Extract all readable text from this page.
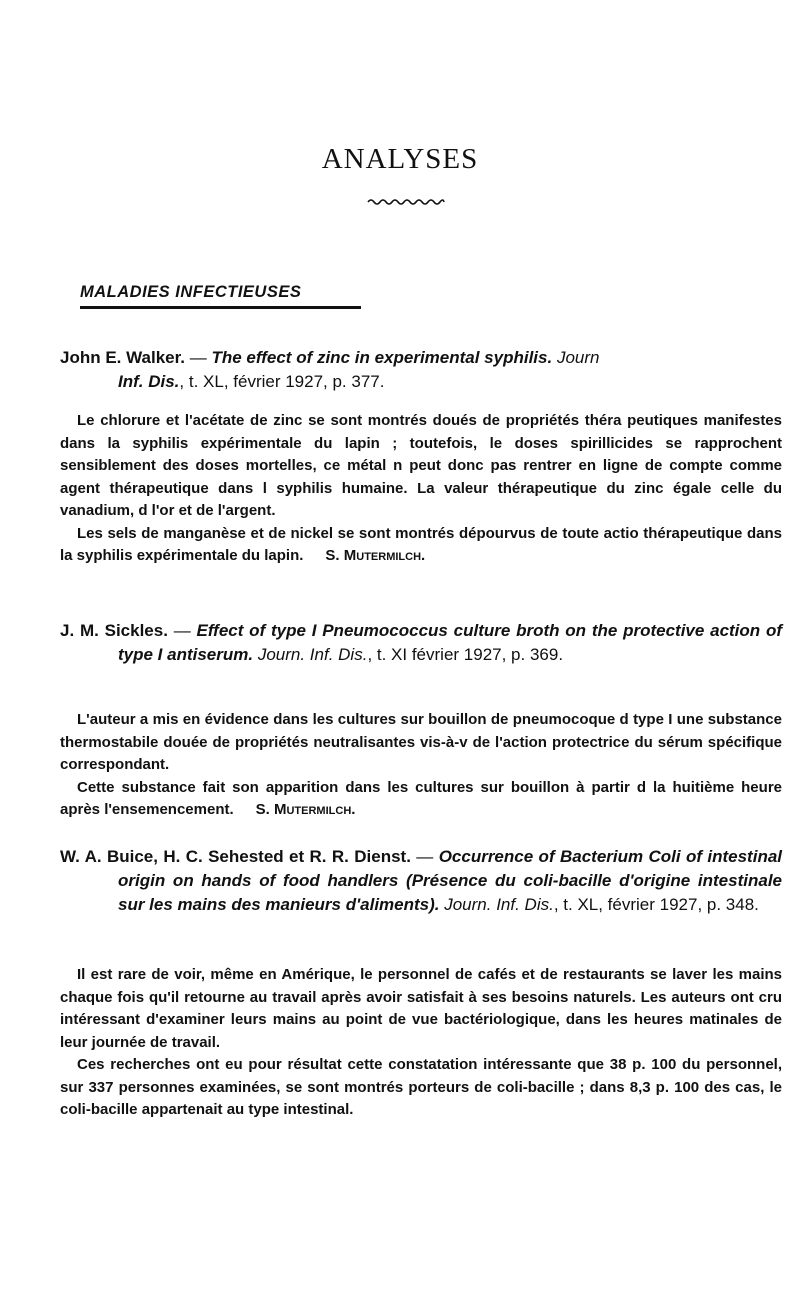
ANALYSES
MALADIES INFECTIEUSES
John E. Walker. — The effect of zinc in experimental syphilis. Journ
Inf. Dis., t. XL, février 1927, p. 377.

Le chlorure et l'acétate de zinc se sont montrés doués de propriétés théra peutiques manifestes dans la syphilis expérimentale du lapin ; toutefois, le doses spirillicides se rapprochent sensiblement des doses mortelles, ce métal n peut donc pas rentrer en ligne de compte comme agent thérapeutique dans l syphilis humaine. La valeur thérapeutique du zinc égale celle du vanadium, d l'or et de l'argent.

Les sels de manganèse et de nickel se sont montrés dépourvus de toute actio thérapeutique dans la syphilis expérimentale du lapin. S. Mutermilch.

J. M. Sickles. — Effect of type I Pneumococcus culture broth on the protective action of type I antiserum. Journ. Inf. Dis., t. XI février 1927, p. 369.

L'auteur a mis en évidence dans les cultures sur bouillon de pneumocoque d type I une substance thermostabile douée de propriétés neutralisantes vis-à-v de l'action protectrice du sérum spécifique correspondant.

Cette substance fait son apparition dans les cultures sur bouillon à partir d la huitième heure après l'ensemencement. S. Mutermilch.

W. A. Buice, H. C. Sehested et R. R. Dienst. — Occurrence of Bacterium Coli of intestinal origin on hands of food handlers (Présence du coli-bacille d'origine intestinale sur les mains des manieurs d'aliments). Journ. Inf. Dis., t. XL, février 1927, p. 348.

Il est rare de voir, même en Amérique, le personnel de cafés et de restaurants se laver les mains chaque fois qu'il retourne au travail après avoir satisfait à ses besoins naturels. Les auteurs ont cru intéressant d'examiner leurs mains au point de vue bactériologique, dans les heures matinales de leur journée de travail.

Ces recherches ont eu pour résultat cette constatation intéressante que 38 p. 100 du personnel, sur 337 personnes examinées, se sont montrés porteurs de coli-bacille ; dans 8,3 p. 100 des cas, le coli-bacille appartenait au type intestinal.
